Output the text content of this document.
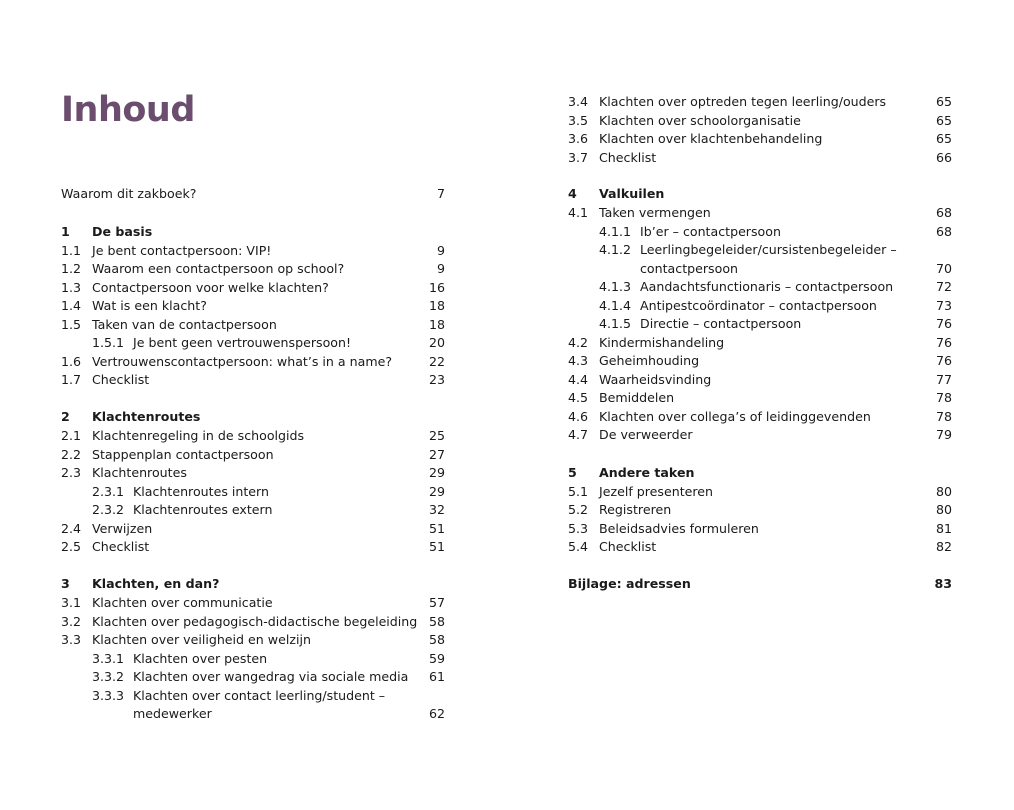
Inhoud
Waarom dit zakboek?	7
1 De basis
1.1 Je bent contactpersoon: VIP!	9
1.2 Waarom een contactpersoon op school?	9
1.3 Contactpersoon voor welke klachten?	16
1.4 Wat is een klacht?	18
1.5 Taken van de contactpersoon	18
1.5.1 Je bent geen vertrouwenspersoon!	20
1.6 Vertrouwenscontactpersoon: what’s in a name?	22
1.7 Checklist	23
2 Klachtenroutes
2.1 Klachtenregeling in de schoolgids	25
2.2 Stappenplan contactpersoon	27
2.3 Klachtenroutes	29
2.3.1 Klachtenroutes intern	29
2.3.2 Klachtenroutes extern	32
2.4 Verwijzen	51
2.5 Checklist	51
3 Klachten, en dan?
3.1 Klachten over communicatie	57
3.2 Klachten over pedagogisch-didactische begeleiding 58
3.3 Klachten over veiligheid en welzijn	58
3.3.1 Klachten over pesten	59
3.3.2 Klachten over wangedrag via sociale media 61
3.3.3 Klachten over contact leerling/student –
medewerker	62
3.4 Klachten over optreden tegen leerling/ouders	65
3.5 Klachten over schoolorganisatie	65
3.6 Klachten over klachtenbehandeling	65
3.7 Checklist	66
4 Valkuilen
4.1 Taken vermengen	68
4.1.1 Ib’er – contactpersoon	68
4.1.2 Leerlingbegeleider/cursistenbegeleider –
contactpersoon	70
4.1.3 Aandachtsfunctionaris – contactpersoon	72
4.1.4 Antipestcoördinator – contactpersoon	73
4.1.5 Directie – contactpersoon	76
4.2 Kindermishandeling	76
4.3 Geheimhouding	76
4.4 Waarheidsvinding	77
4.5 Bemiddelen	78
4.6 Klachten over collega’s of leidinggevenden	78
4.7 De verweerder	79
5 Andere taken
5.1 Jezelf presenteren	80
5.2 Registreren	80
5.3 Beleidsadvies formuleren	81
5.4 Checklist	82
Bijlage: adressen	83
